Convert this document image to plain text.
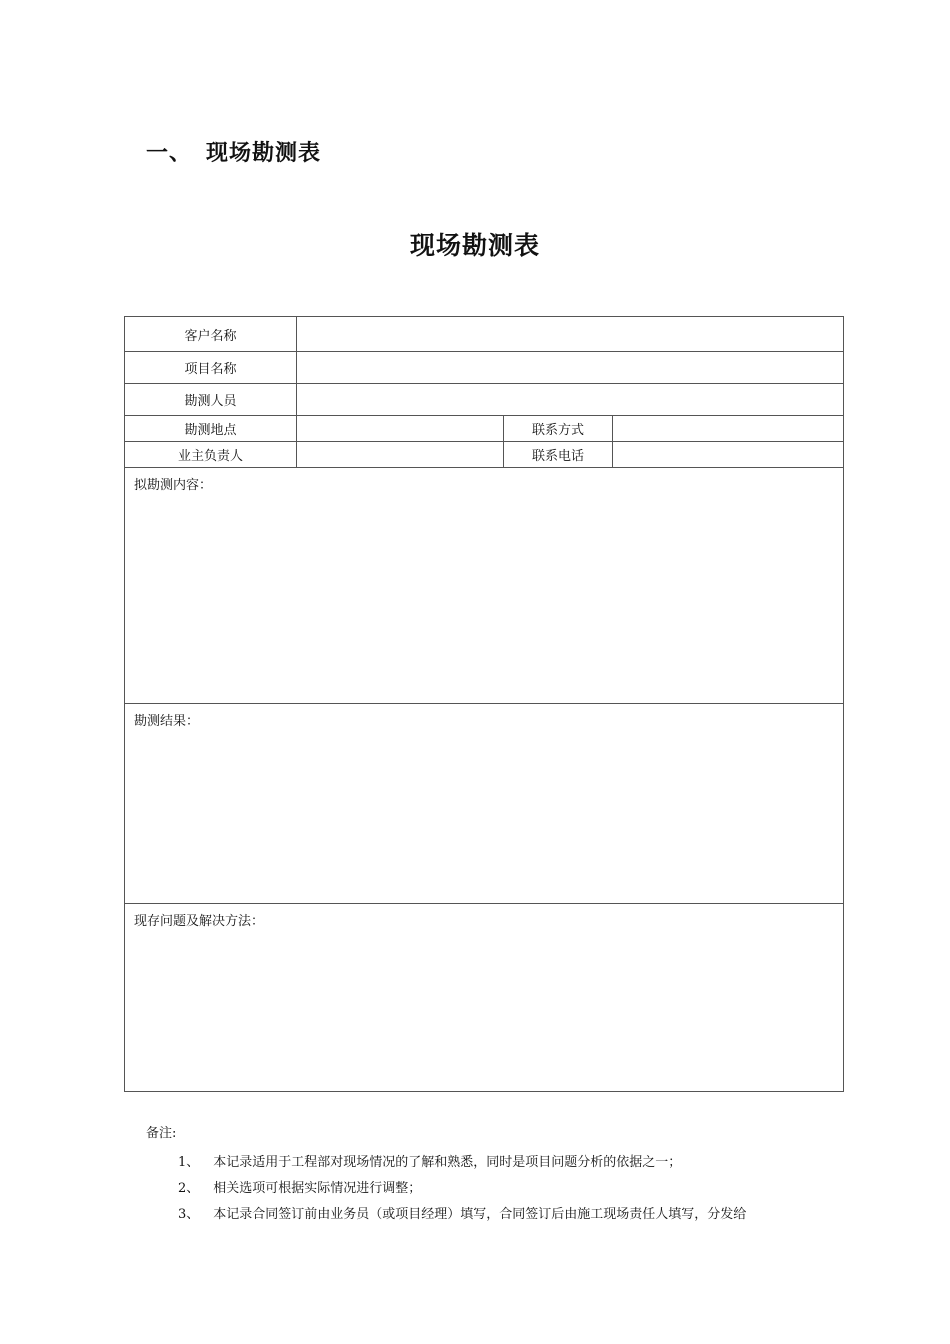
一、 现场勘测表
现场勘测表
客户名称			
项目名称			
勘测人员			
勘测地点		联系方式	
业主负责人		联系电话	
拟勘测内容：			
勘测结果：			
现存问题及解决方法：			
备注:
1、 本记录适用于工程部对现场情况的了解和熟悉，同时是项目问题分析的依据之一；
2、 相关选项可根据实际情况进行调整；
3、 本记录合同签订前由业务员（或项目经理）填写，合同签订后由施工现场责任人填写，分发给
